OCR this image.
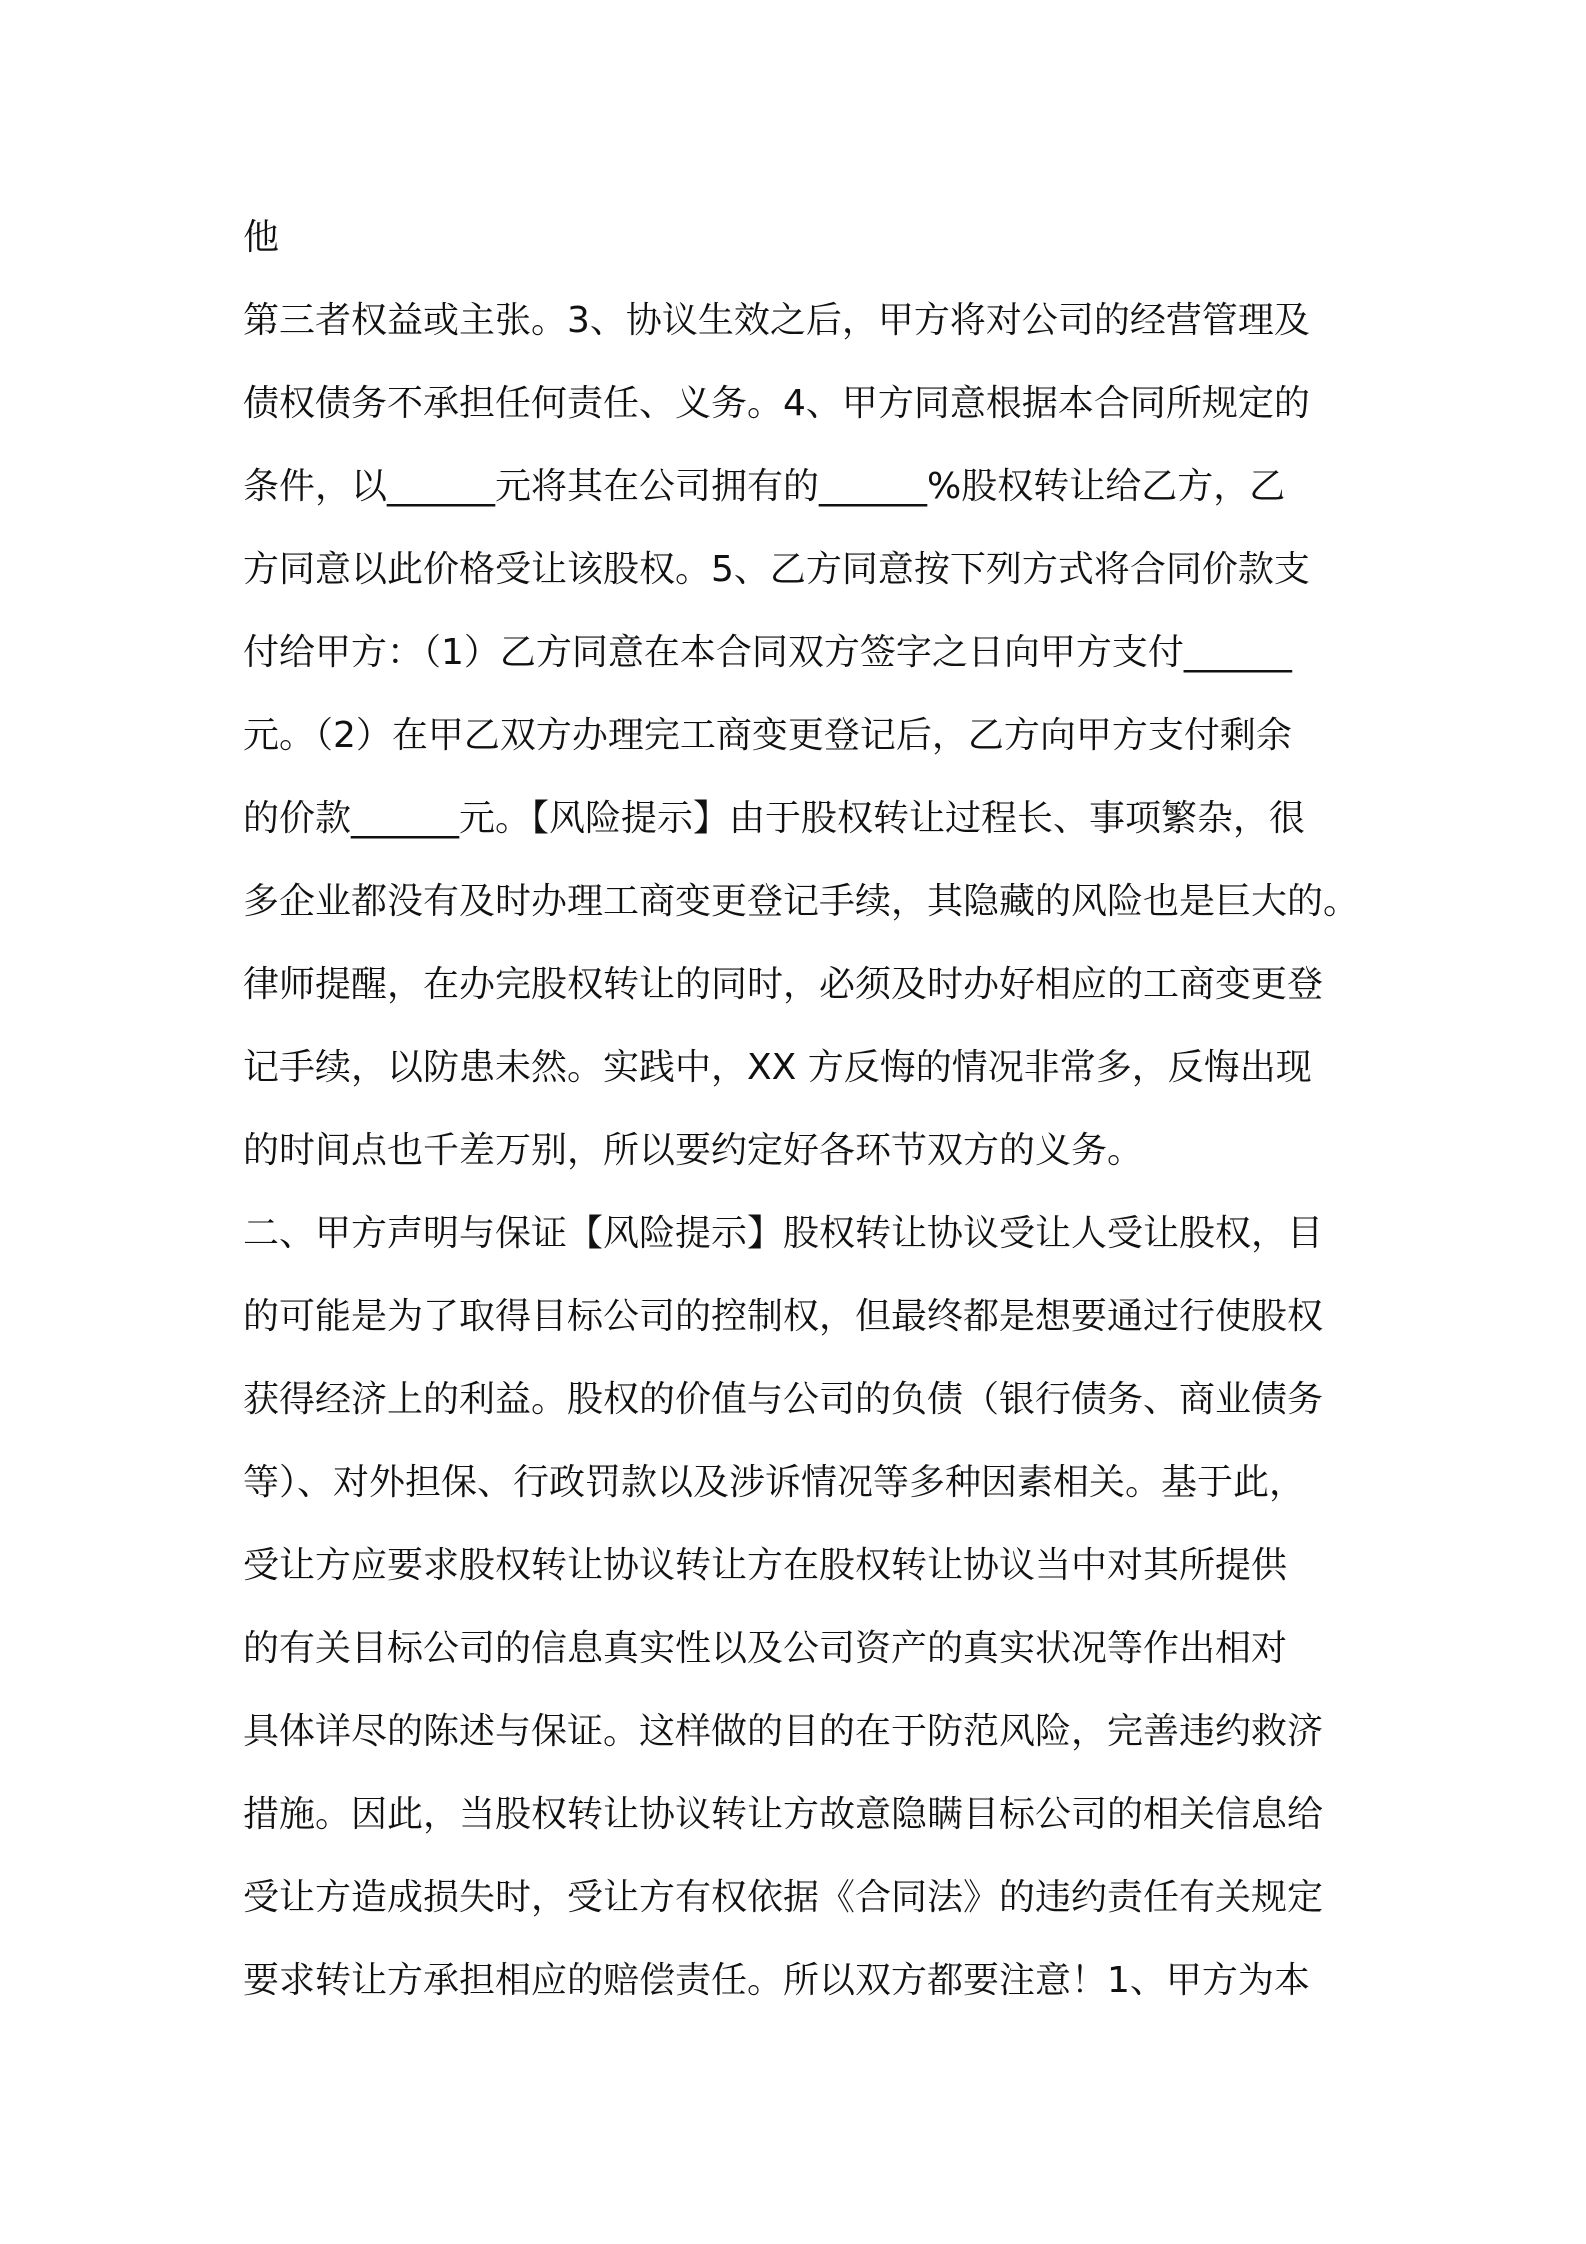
他
第三者权益或主张。3、协议生效之后，甲方将对公司的经营管理及
债权债务不承担任何责任、义务。4、甲方同意根据本合同所规定的
条件，以______元将其在公司拥有的______%股权转让给乙方，乙
方同意以此价格受让该股权。5、乙方同意按下列方式将合同价款支
付给甲方：（1）乙方同意在本合同双方签字之日向甲方支付______
元。（2）在甲乙双方办理完工商变更登记后，乙方向甲方支付剩余
的价款______元。【风险提示】由于股权转让过程长、事项繁杂，很
多企业都没有及时办理工商变更登记手续，其隐藏的风险也是巨大的。
律师提醒，在办完股权转让的同时，必须及时办好相应的工商变更登
记手续，以防患未然。实践中，XX 方反悔的情况非常多，反悔出现
的时间点也千差万别，所以要约定好各环节双方的义务。
二、甲方声明与保证【风险提示】股权转让协议受让人受让股权，目
的可能是为了取得目标公司的控制权，但最终都是想要通过行使股权
获得经济上的利益。股权的价值与公司的负债（银行债务、商业债务
等）、对外担保、行政罚款以及涉诉情况等多种因素相关。基于此，
受让方应要求股权转让协议转让方在股权转让协议当中对其所提供
的有关目标公司的信息真实性以及公司资产的真实状况等作出相对
具体详尽的陈述与保证。这样做的目的在于防范风险，完善违约救济
措施。因此，当股权转让协议转让方故意隐瞒目标公司的相关信息给
受让方造成损失时，受让方有权依据《合同法》的违约责任有关规定
要求转让方承担相应的赔偿责任。所以双方都要注意！1、甲方为本
